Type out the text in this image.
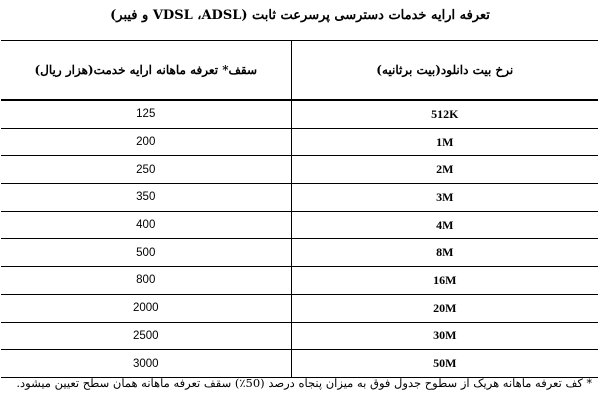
تعرفه ارایه خدمات دسترسی پرسرعت ثابت (VDSL ،ADSL و فیبر)
نرخ بیت دانلود(بیت برثانیه)	سقف* تعرفه ماهانه ارایه خدمت(هزار ریال)
512K	125
1M	200
2M	250
3M	350
4M	400
8M	500
16M	800
20M	2000
30M	2500
50M	3000
* کف تعرفه ماهانه هریک از سطوح جدول فوق به میزان پنجاه درصد (50٪) سقف تعرفه ماهانه همان سطح تعیین میشود.
